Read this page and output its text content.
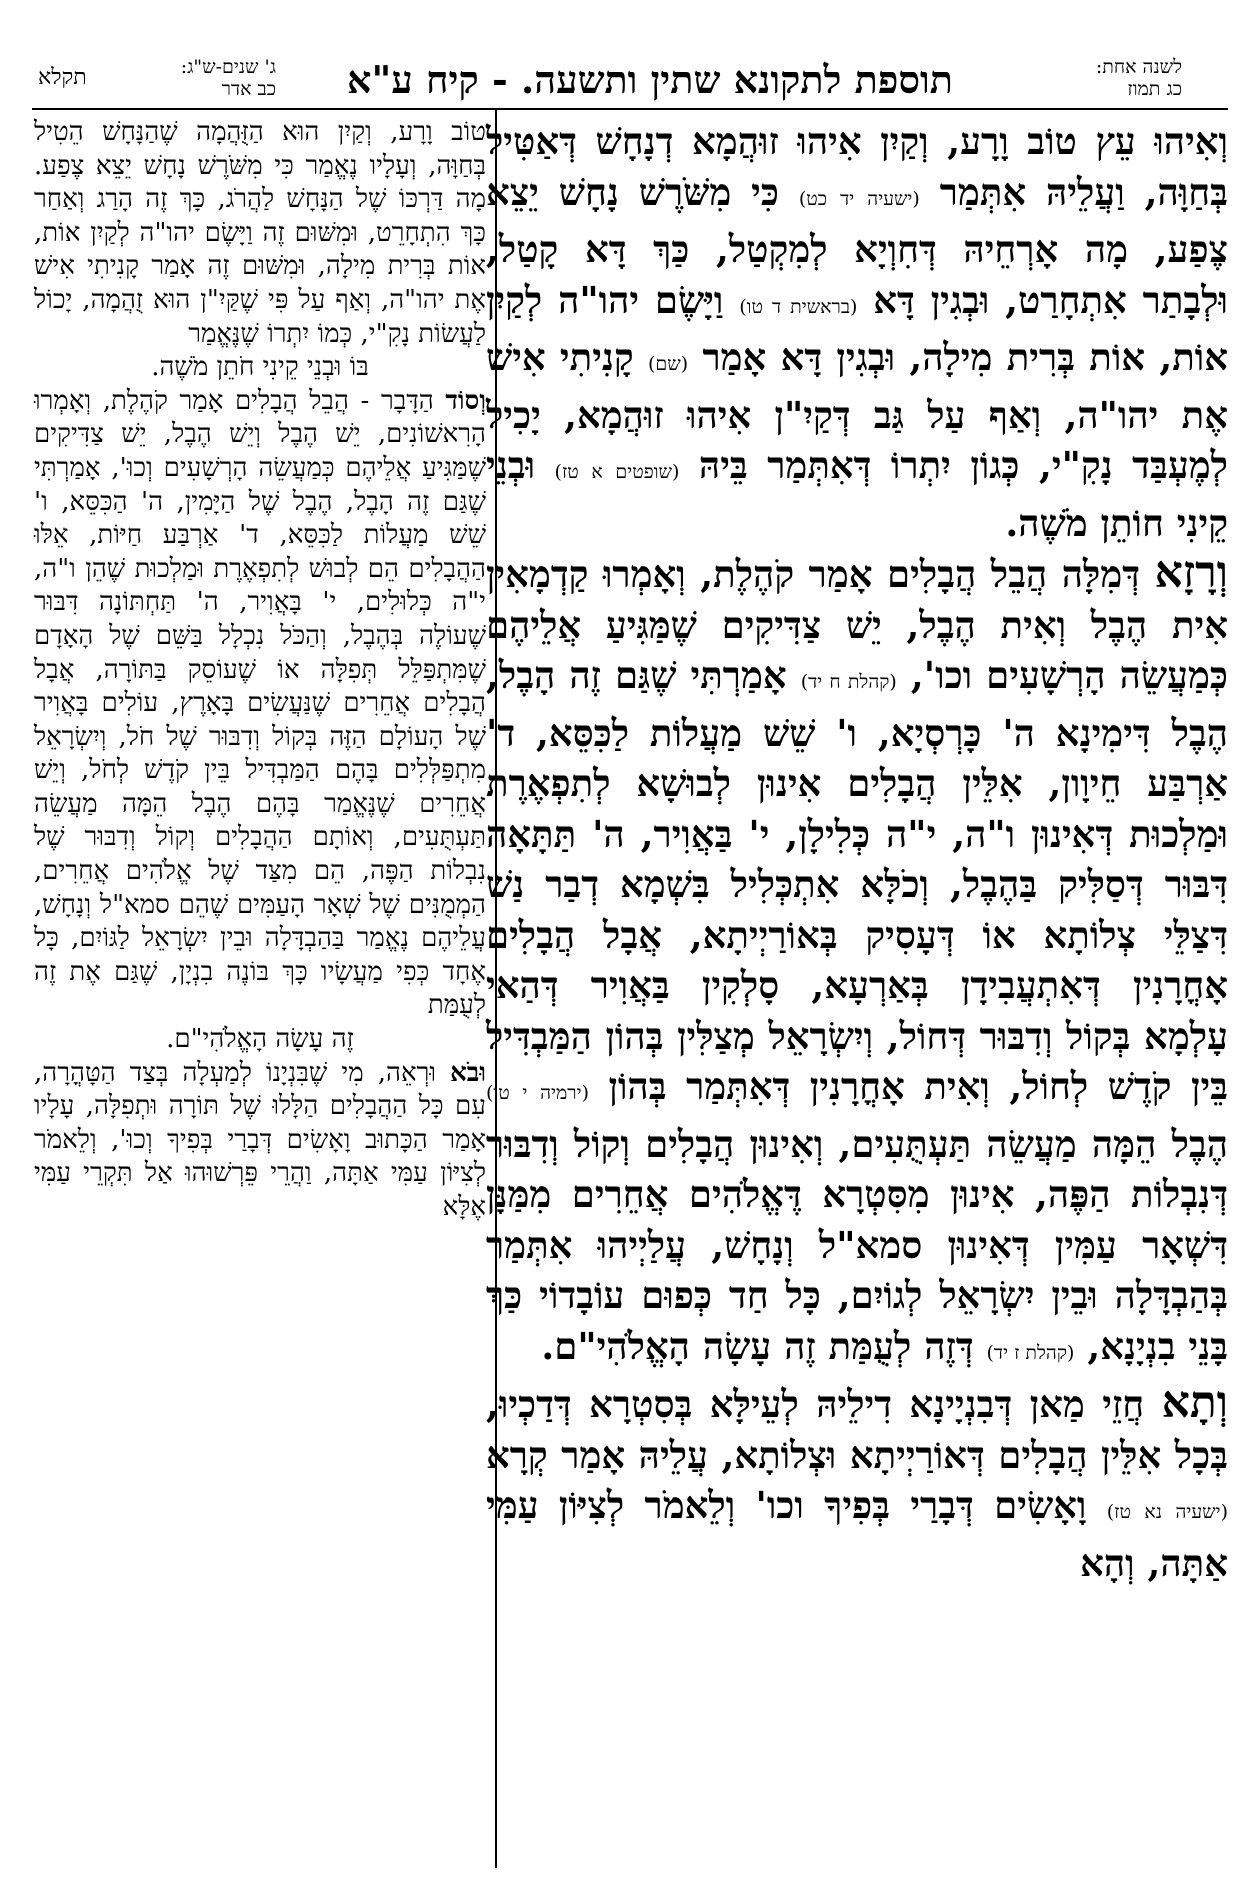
לשנה אחת:
כג תמוז
תוספת לתקונא שתין ותשעה. - קיח ע"א
ג' שנים-ש"ג:
כב אדר
תקלא

וְאִיהוּ עֵץ טוֹב וָרָע, וְקַיִן אִיהוּ זוּהֲמָא דְנָחָשׁ דְּאַטִּיל בְּחַוָּה, וַעֲלֵיהּ אִתְּמַר (ישעיה יד כט) כִּי מִשֹּׁרֶשׁ נָחָשׁ יֵצֵא צֶפַע, מָה אָרְחֵיהּ דְּחִוְיָא לְמִקְטַל, כַּךְ דָּא קָטַל, וּלְבָתַר אִתְחָרַט, וּבְגִין דָּא (בראשית ד טו) וַיָּשֶׂם יהו"ה לְקַיִן אוֹת, אוֹת בְּרִית מִילָה, וּבְגִין דָּא אָמַר (שם) קָנִיתִי אִישׁ אֶת יהו"ה, וְאַף עַל גַּב דְּקַיִ"ן אִיהוּ זוּהֲמָא, יָכִיל לְמֶעְבַּד נָקִ"י, כְּגוֹן יִתְרוֹ דְּאִתְּמַר בֵּיהּ (שופטים א טז) וּבְנֵי קֵינִי חוֹתֵן מֹשֶׁה.

וְרָזָא דְּמִלָּה הֲבֵל הֲבָלִים אָמַר קֹהֶלֶת, וְאָמְרוּ קַדְמָאִין אִית הֶבֶל וְאִית הֶבֶל, יֵשׁ צַדִּיקִים שֶׁמַּגִּיעַ אֲלֵיהֶם כְּמַעֲשֵׂה הָרְשָׁעִים וכו', (קהלת ח יד) אָמַרְתִּי שֶׁגַּם זֶה הָבֶל, הֶבֶל דִּימִינָא ה' כָּרְסְיָא, ו' שֵׁשׁ מַעֲלוֹת לַכִּסֵּא, ד' אַרְבַּע חֵיוָון, אִלֵּין הֲבָלִים אִינוּן לְבוּשָׁא לְתִפְאֶרֶת וּמַלְכוּת דְּאִינוּן ו"ה, י"ה כְּלִילָן, י' בַּאֲוִיר, ה' תַּתָּאָה דִּבּוּר דְּסַלִּיק בַּהֶבֶל, וְכֹלָּא אִתְכְּלִיל בִּשְׁמָא דְבַר נַשׁ דִּצַלֵּי צְלוֹתָא אוֹ דְּעָסִיק בְּאוֹרַיְיתָא, אֲבָל הֲבָלִים אָחֳרָנִין דְּאִתְעֲבִידָן בְּאַרְעָא, סָלְקִין בַּאֲוִיר דְּהַאי עָלְמָא בְּקוֹל וְדִבּוּר דְּחוֹל, וְיִשְׂרָאֵל מְצַלִּין בְּהוֹן הַמַּבְדִּיל בֵּין קֹדֶשׁ לְחוֹל, וְאִית אָחֳרָנִין דְּאִתְּמַר בְּהוֹן (ירמיה י טו) הֶבֶל הֵמָּה מַעֲשֵׂה תַּעְתֻּעִים, וְאִינוּן הֲבָלִים וְקוֹל וְדִבּוּר דְּנִבְלוֹת הַפֶּה, אִינוּן מִסִּטְרָא דֶּאֱלֹהִים אֲחֵרִים מִמַּנָּן דִּשְׁאָר עַמִּין דְּאִינוּן סמא"ל וְנָחָשׁ, עֲלַיְיהוּ אִתְּמַר בְּהַבְדָּלָה וּבֵין יִשְׂרָאֵל לְגוֹיִם, כָּל חַד כְּפוּם עוֹבָדוֹי כַּךְ בָּנֵי בִנְיָנָא, (קהלת ז יד) דְּזֶה לְעֻמַּת זֶה עָשָׂה הָאֱלֹהִי"ם.

וְתָא חֲזֵי מַאן דְּבִנְיָינָא דִילֵיהּ לְעֵילָּא בְּסִטְרָא דְּדַכְיוּ, בְּכָל אִלֵּין הֲבָלִים דְּאוֹרַיְיתָא וּצְלוֹתָא, עֲלֵיהּ אָמַר קְרָא (ישעיה נא טז) וָאָשִׂים דְּבָרַי בְּפִיךָ וכו' וְלֵאמֹר לְצִיּוֹן עַמִּי אַתָּה, וְהָא

טוֹב וָרָע, וְקַיִן הוּא הַזֻּהֲמָה שֶׁהַנָּחָשׁ הֵטִיל בְּחַוָּה, וְעָלָיו נֶאֱמַר כִּי מִשֹּׁרֶשׁ נָחָשׁ יֵצֵא צֶפַע. מָה דַּרְכּוֹ שֶׁל הַנָּחָשׁ לַהֲרֹג, כָּךְ זֶה הָרַג וְאַחַר כָּךְ הִתְחָרֵט, וּמִשּׁוּם זֶה וַיָּשֶׂם יהו"ה לְקַיִן אוֹת, אוֹת בְּרִית מִילָה, וּמִשּׁוּם זֶה אָמַר קָנִיתִי אִישׁ אֶת יהו"ה, וְאַף עַל פִּי שֶׁקַּיִ"ן הוּא זֻהֲמָה, יָכוֹל לַעֲשׂוֹת נָקִ"י, כְּמוֹ יִתְרוֹ שֶׁנֶּאֱמַר

בּוֹ וּבְנֵי קֵינִי חֹתֵן מֹשֶׁה.

וְסוֹד הַדָּבָר - הֲבֵל הֲבָלִים אָמַר קֹהֶלֶת, וְאָמְרוּ הָרִאשׁוֹנִים, יֵשׁ הֶבֶל וְיֵשׁ הֶבֶל, יֵשׁ צַדִּיקִים שֶׁמַּגִּיעַ אֲלֵיהֶם כְּמַעֲשֵׂה הָרְשָׁעִים וְכוּ', אָמַרְתִּי שֶׁגַּם זֶה הָבֶל, הֶבֶל שֶׁל הַיָּמִין, ה' הַכִּסֵּא, ו' שֵׁשׁ מַעֲלוֹת לַכִּסֵּא, ד' אַרְבַּע חַיּוֹת, אֵלּוּ הַהֲבָלִים הֵם לְבוּשׁ לְתִפְאֶרֶת וּמַלְכוּת שֶׁהֵן ו"ה, י"ה כְּלוּלִים, י' בָּאֲוִיר, ה' תַּחְתּוֹנָה דִּבּוּר שֶׁעוֹלֶה בְּהֶבֶל, וְהַכֹּל נִכְלָל בַּשֵּׁם שֶׁל הָאָדָם שֶׁמִּתְפַּלֵּל תְּפִלָּה אוֹ שֶׁעוֹסֵק בַּתּוֹרָה, אֲבָל הֲבָלִים אֲחֵרִים שֶׁנַּעֲשִׂים בָּאָרֶץ, עוֹלִים בָּאֲוִיר שֶׁל הָעוֹלָם הַזֶּה בְּקוֹל וְדִבּוּר שֶׁל חֹל, וְיִשְׂרָאֵל מִתְפַּלְּלִים בָּהֶם הַמַּבְדִּיל בֵּין קֹדֶשׁ לְחֹל, וְיֵשׁ אֲחֵרִים שֶׁנֶּאֱמַר בָּהֶם הֶבֶל הֵמָּה מַעֲשֵׂה תַּעְתֻּעִים, וְאוֹתָם הַהֲבָלִים וְקוֹל וְדִבּוּר שֶׁל נִבְלוֹת הַפֶּה, הֵם מִצַּד שֶׁל אֱלֹהִים אֲחֵרִים, הַמְמֻנִּים שֶׁל שְׁאָר הָעַמִּים שֶׁהֵם סמא"ל וְנָחָשׁ, עֲלֵיהֶם נֶאֱמַר בַּהַבְדָּלָה וּבֵין יִשְׂרָאֵל לַגּוֹיִם, כָּל אֶחָד כְּפִי מַעֲשָׂיו כָּךְ בּוֹנֶה בִנְיָן, שֶׁגַּם אֶת זֶה לְעֻמַּת

זֶה עָשָׂה הָאֱלֹהִי"ם.

וּבֹא וּרְאֵה, מִי שֶׁבִּנְיָנוֹ לְמַעְלָה בְּצַד הַטָּהֳרָה, עִם כָּל הַהֲבָלִים הַלָּלוּ שֶׁל תּוֹרָה וּתְפִלָּה, עָלָיו אָמַר הַכָּתוּב וָאָשִׂים דְּבָרַי בְּפִיךָ וְכוּ', וְלֵאמֹר לְצִיּוֹן עַמִּי אַתָּה, וַהֲרֵי פֵּרְשׁוּהוּ אַל תִּקְרֵי עַמִּי אֶלָּא
